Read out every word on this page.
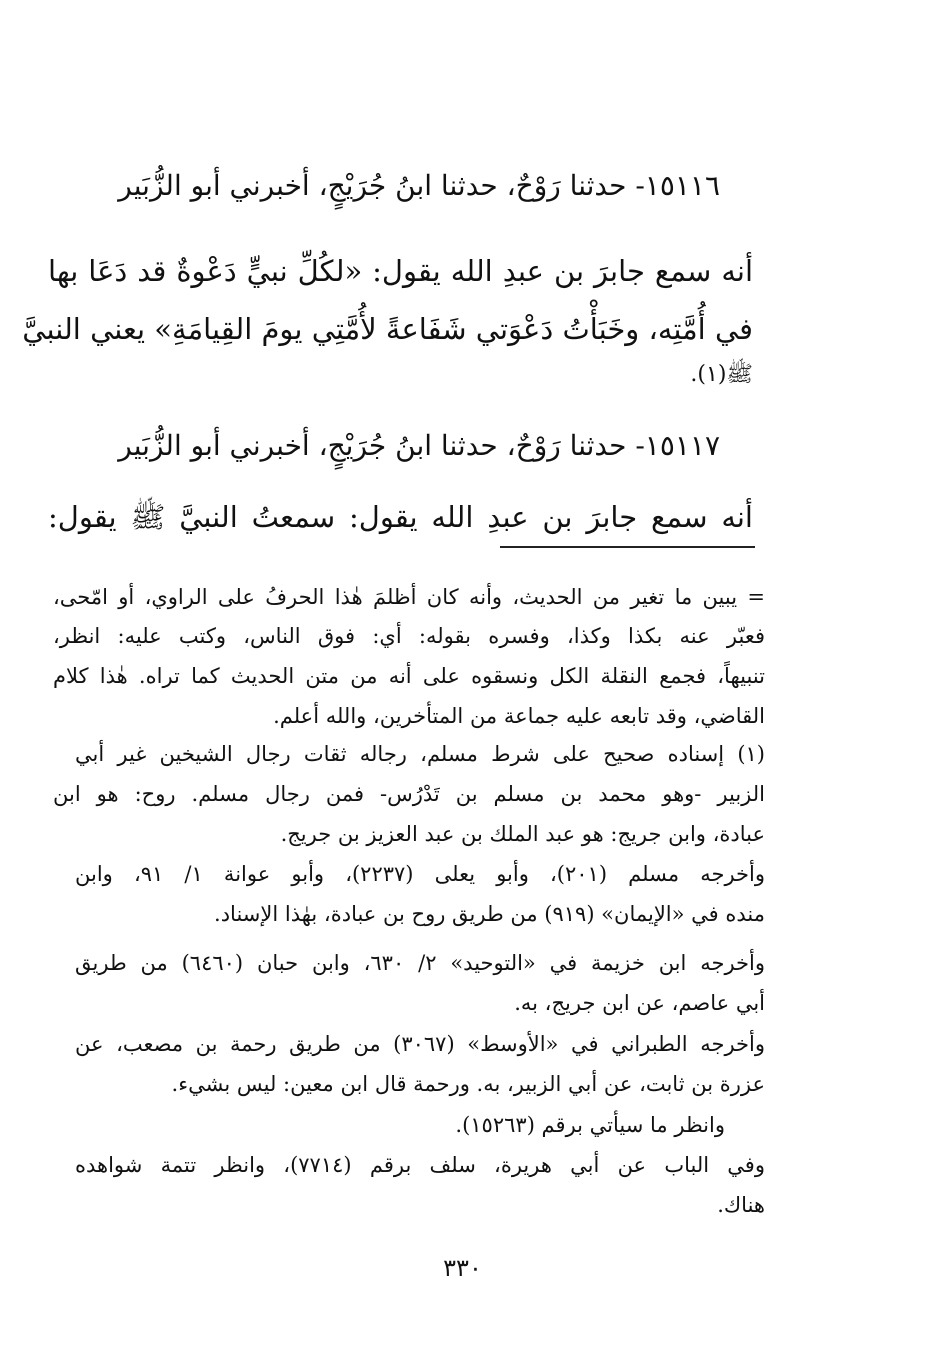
١٥١١٦- حدثنا رَوْحٌ، حدثنا ابنُ جُرَيْجٍ، أخبرني أبو الزُّبَير
أنه سمع جابرَ بن عبدِ الله يقول: «لكُلِّ نبيٍّ دَعْوةٌ قد دَعَا بها
في أُمَّتِه، وخَبَأْتُ دَعْوَتي شَفَاعةً لأُمَّتِي يومَ القِيامَةِ» يعني النبيَّ
ﷺ(١).
١٥١١٧- حدثنا رَوْحٌ، حدثنا ابنُ جُرَيْجٍ، أخبرني أبو الزُّبَير
أنه سمع جابرَ بن عبدِ الله يقول: سمعتُ النبيَّ ﷺ يقول:
= يبين ما تغير من الحديث، وأنه كان أظلمَ هٰذا الحرفُ على الراوي، أو امّحى،
فعبّر عنه بكذا وكذا، وفسره بقوله: أي: فوق الناس، وكتب عليه: انظر،
تنبيهاً، فجمع النقلة الكل ونسقوه على أنه من متن الحديث كما تراه. هٰذا كلام
القاضي، وقد تابعه عليه جماعة من المتأخرين، والله أعلم.
(١) إسناده صحيح على شرط مسلم، رجاله ثقات رجال الشيخين غير أبي
الزبير -وهو محمد بن مسلم بن تَدْرُس- فمن رجال مسلم. روح: هو ابن
عبادة، وابن جريج: هو عبد الملك بن عبد العزيز بن جريج.
وأخرجه مسلم (٢٠١)، وأبو يعلى (٢٢٣٧)، وأبو عوانة ١/ ٩١، وابن
منده في «الإيمان» (٩١٩) من طريق روح بن عبادة، بهٰذا الإسناد.
وأخرجه ابن خزيمة في «التوحيد» ٢/ ٦٣٠، وابن حبان (٦٤٦٠) من طريق
أبي عاصم، عن ابن جريج، به.
وأخرجه الطبراني في «الأوسط» (٣٠٦٧) من طريق رحمة بن مصعب، عن
عزرة بن ثابت، عن أبي الزبير، به. ورحمة قال ابن معين: ليس بشيء.
وانظر ما سيأتي برقم (١٥٢٦٣).
وفي الباب عن أبي هريرة، سلف برقم (٧٧١٤)، وانظر تتمة شواهده
هناك.
٣٣٠
